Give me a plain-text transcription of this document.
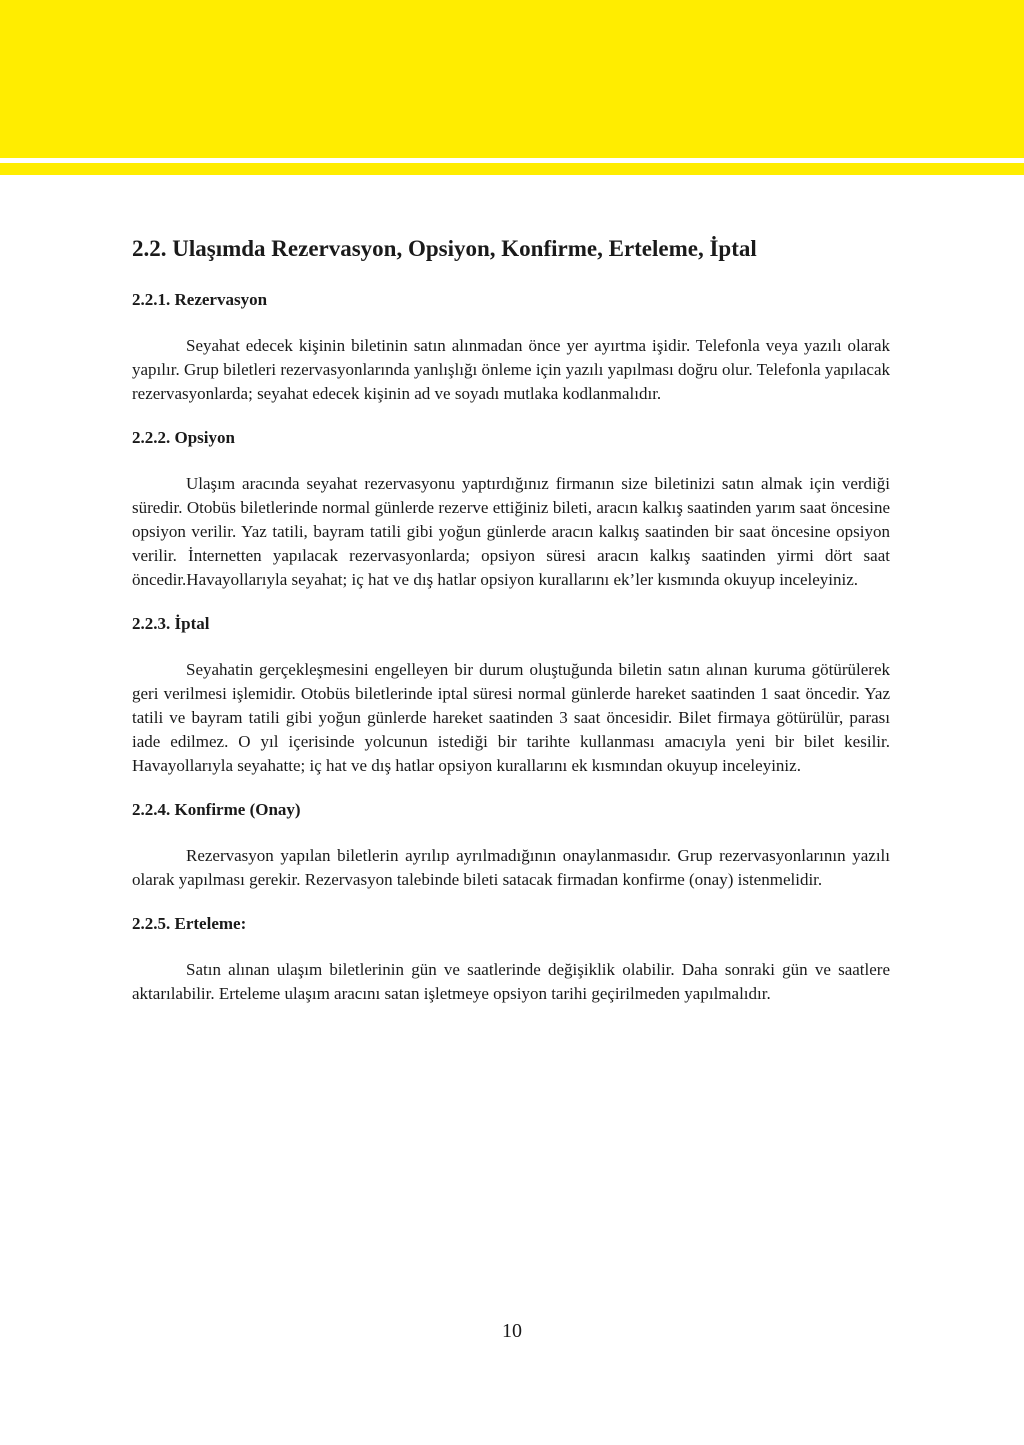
2.2. Ulaşımda Rezervasyon, Opsiyon, Konfirme, Erteleme, İptal
2.2.1. Rezervasyon

Seyahat edecek kişinin biletinin satın alınmadan önce yer ayırtma işidir. Telefonla veya yazılı olarak yapılır. Grup biletleri rezervasyonlarında yanlışlığı önleme için yazılı yapılması doğru olur. Telefonla yapılacak rezervasyonlarda; seyahat edecek kişinin ad ve soyadı mutlaka kodlanmalıdır.

2.2.2. Opsiyon

Ulaşım aracında seyahat rezervasyonu yaptırdığınız firmanın size biletinizi satın almak için verdiği süredir. Otobüs biletlerinde normal günlerde rezerve ettiğiniz bileti, aracın kalkış saatinden yarım saat öncesine opsiyon verilir. Yaz tatili, bayram tatili gibi yoğun günlerde aracın kalkış saatinden bir saat öncesine opsiyon verilir. İnternetten yapılacak rezervasyonlarda; opsiyon süresi aracın kalkış saatinden yirmi dört saat öncedir.Havayollarıyla seyahat; iç hat ve dış hatlar opsiyon kurallarını ek’ler kısmında okuyup inceleyiniz.

2.2.3. İptal

Seyahatin gerçekleşmesini engelleyen bir durum oluştuğunda biletin satın alınan kuruma götürülerek geri verilmesi işlemidir. Otobüs biletlerinde iptal süresi normal günlerde hareket saatinden 1 saat öncedir. Yaz tatili ve bayram tatili gibi yoğun günlerde hareket saatinden 3 saat öncesidir. Bilet firmaya götürülür, parası iade edilmez. O yıl içerisinde yolcunun istediği bir tarihte kullanması amacıyla yeni bir bilet kesilir. Havayollarıyla seyahatte; iç hat ve dış hatlar opsiyon kurallarını ek kısmından okuyup inceleyiniz.

2.2.4. Konfirme (Onay)

Rezervasyon yapılan biletlerin ayrılıp ayrılmadığının onaylanmasıdır. Grup rezervasyonlarının yazılı olarak yapılması gerekir. Rezervasyon talebinde bileti satacak firmadan konfirme (onay) istenmelidir.

2.2.5. Erteleme:

Satın alınan ulaşım biletlerinin gün ve saatlerinde değişiklik olabilir. Daha sonraki gün ve saatlere aktarılabilir. Erteleme ulaşım aracını satan işletmeye opsiyon tarihi geçirilmeden yapılmalıdır.

10
